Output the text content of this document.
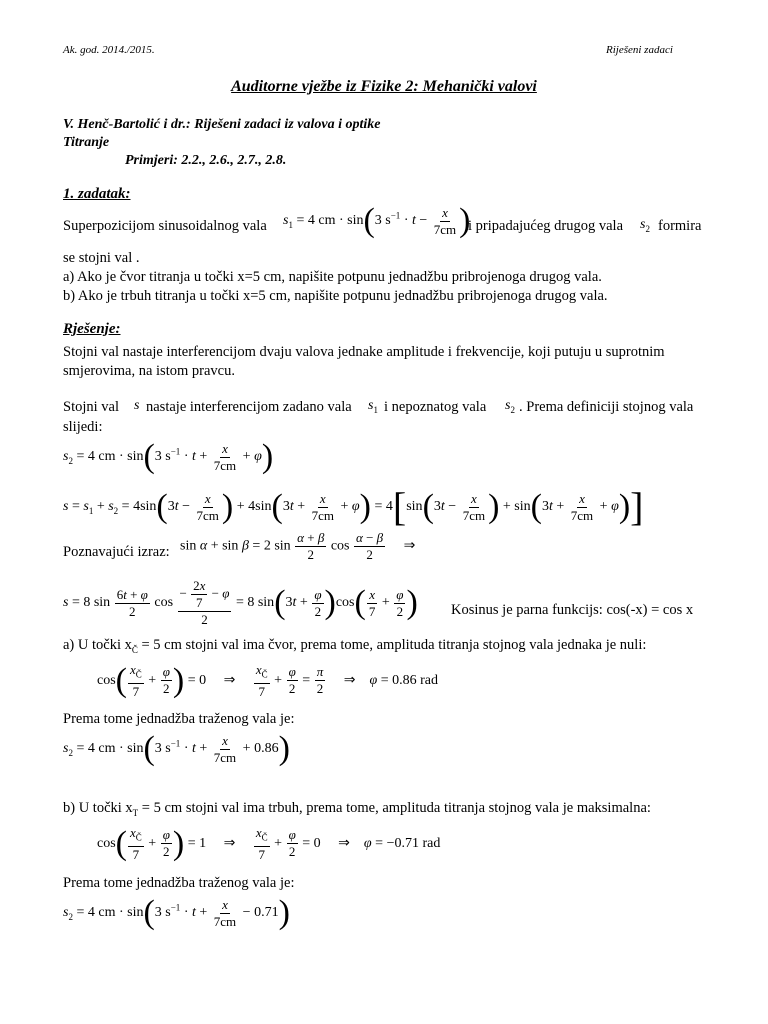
Ak. god. 2014./2015.	Riješeni zadaci
Auditorne vježbe iz Fizike 2: Mehanički valovi
V. Henč-Bartolić i dr.: Riješeni zadaci iz valova i optike
Titranje
Primjeri: 2.2., 2.6., 2.7., 2.8.
1. zadatak:
Superpozicijom sinusoidalnog vala $s_1 = 4$ cm · sin(3 $s^{-1} \cdot t - \frac{x}{7cm}$ )
i pripadajućeg drugog vala $s_2$ formira
se stojni val .
a) Ako je čvor titranja u točki x=5 cm, napišite potpunu jednadžbu pribrojenoga drugog vala.
b) Ako je trbuh titranja u točki x=5 cm, napišite potpunu jednadžbu pribrojenoga drugog vala.
Rješenje:
Stojni val nastaje interferencijom dvaju valova jednake amplitude i frekvencije, koji putuju u suprotnim smjerovima, na istom pravcu.
Stojni val s nastaje interferencijom zadano vala $s_1$ i nepoznatog vala $s_2$ . Prema definiciji stojnog vala
slijedi:
$s_2 = 4$ cm · sin(3 $s^{-1} \cdot t + \frac{x}{7cm} + \varphi$)
$s = s_1 + s_2 = 4\sin(3t - \frac{x}{7cm}$ ) + $4\sin(3t + \frac{x}{7cm} + \varphi) = 4[\sin(3t - \frac{x}{7cm}$ ) + $\sin(3t + \frac{x}{7cm} + \varphi)$]
Poznavajući izraz: sin α + sin β = 2 $\sin \frac{\alpha + \beta}{2}$ $\cos \frac{\alpha - \beta}{2}$ ⇒
s = 8 $\sin \frac{6t + \varphi}{2}$ $\cos \frac{- \frac{2x}{7} - \varphi}{2} = 8$ $\sin(3t + \frac{\varphi}{2} )\cos( \frac{x}{7} + \frac{\varphi}{2}$ ) Kosinus je parna funkcijs: cos(-x) = cos x
a) U točki $x_Č = 5$ cm stojni val ima čvor, prema tome, amplituda titranja stojnog vala jednaka je nuli:
$\cos( \frac{x_Č}{7} + \frac{\varphi}{2}$ ) = 0     ⇒ $\frac{x_Č}{7} + \frac{\varphi}{2} = \frac{\pi}{2}$ ⇒    φ = 0.86 rad
Prema tome jednadžba traženog vala je:
$s_2 = 4$ cm · sin(3 $s^{-1} \cdot t + \frac{x}{7cm} + 0.86$)
b) U točki $x_T = 5$ cm stojni val ima trbuh, prema tome, amplituda titranja stojnog vala je maksimalna:
$\cos( \frac{x_Č}{7} + \frac{\varphi}{2}$ ) = 1     ⇒ $\frac{x_Č}{7} + \frac{\varphi}{2} = 0$     ⇒    φ = −0.71 rad
Prema tome jednadžba traženog vala je:
$s_2 = 4$ cm · sin(3 $s^{-1} \cdot t + \frac{x}{7cm} - 0.71$)
